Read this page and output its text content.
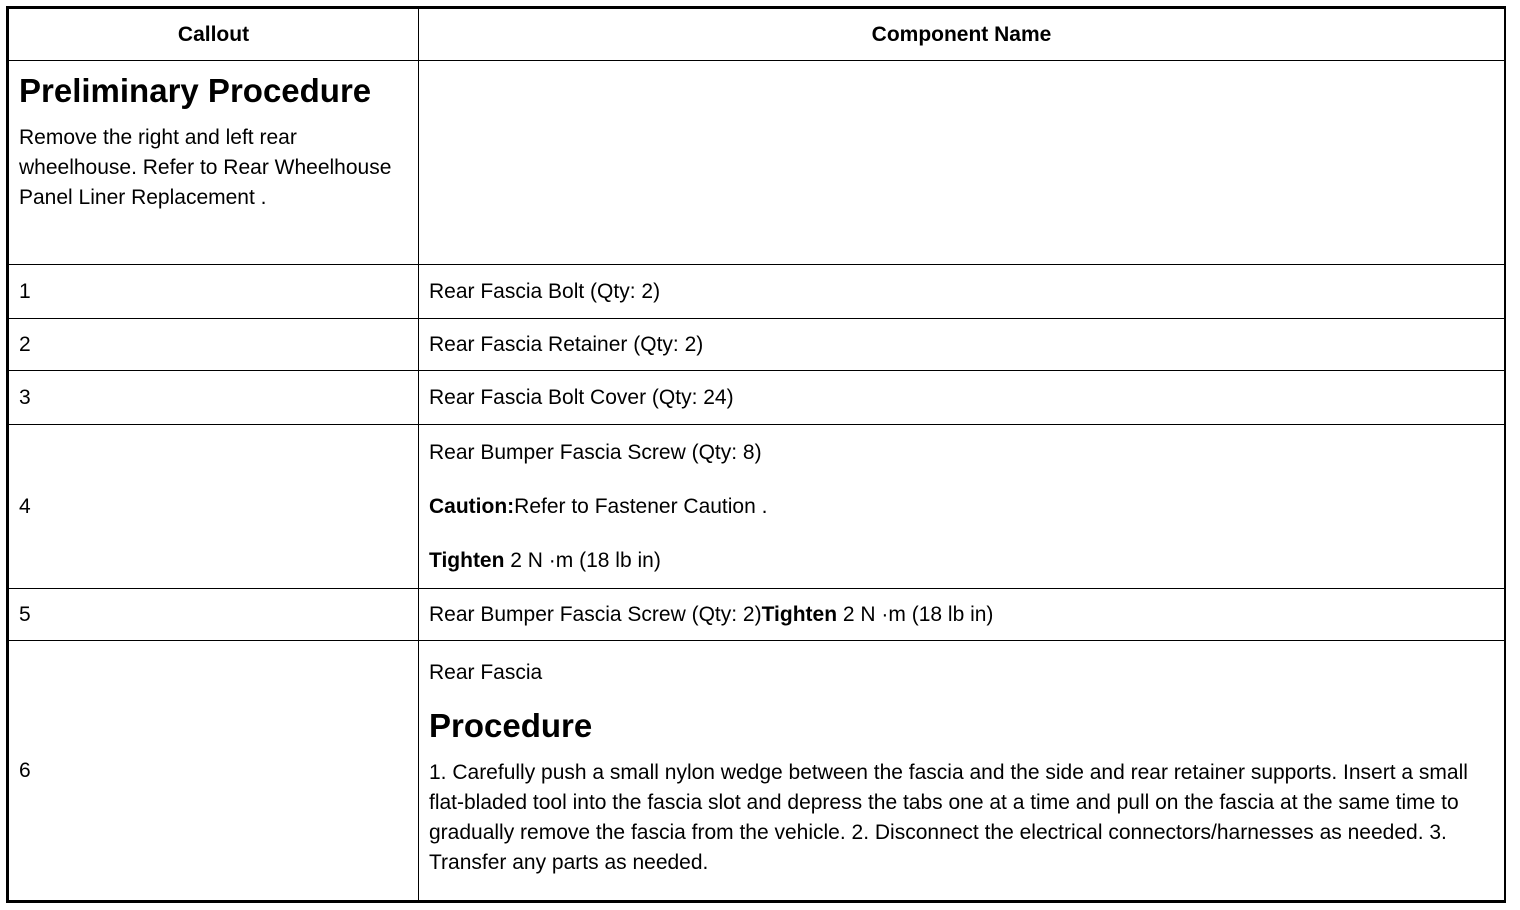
Callout	Component Name

Preliminary Procedure

Remove the right and left rear wheelhouse. Refer to Rear Wheelhouse Panel Liner Replacement .	

1	Rear Fascia Bolt (Qty: 2)
2	Rear Fascia Retainer (Qty: 2)
3	Rear Fascia Bolt Cover (Qty: 24)
4	Rear Bumper Fascia Screw (Qty: 8)

Caution:Refer to Fastener Caution .

Tighten 2 N ·m (18 lb in)

5	Rear Bumper Fascia Screw (Qty: 2)Tighten 2 N ·m (18 lb in)
6	Rear Fascia

Procedure

1. Carefully push a small nylon wedge between the fascia and the side and rear retainer supports. Insert a small flat-bladed tool into the fascia slot and depress the tabs one at a time and pull on the fascia at the same time to gradually remove the fascia from the vehicle. 2. Disconnect the electrical connectors/harnesses as needed. 3. Transfer any parts as needed.
